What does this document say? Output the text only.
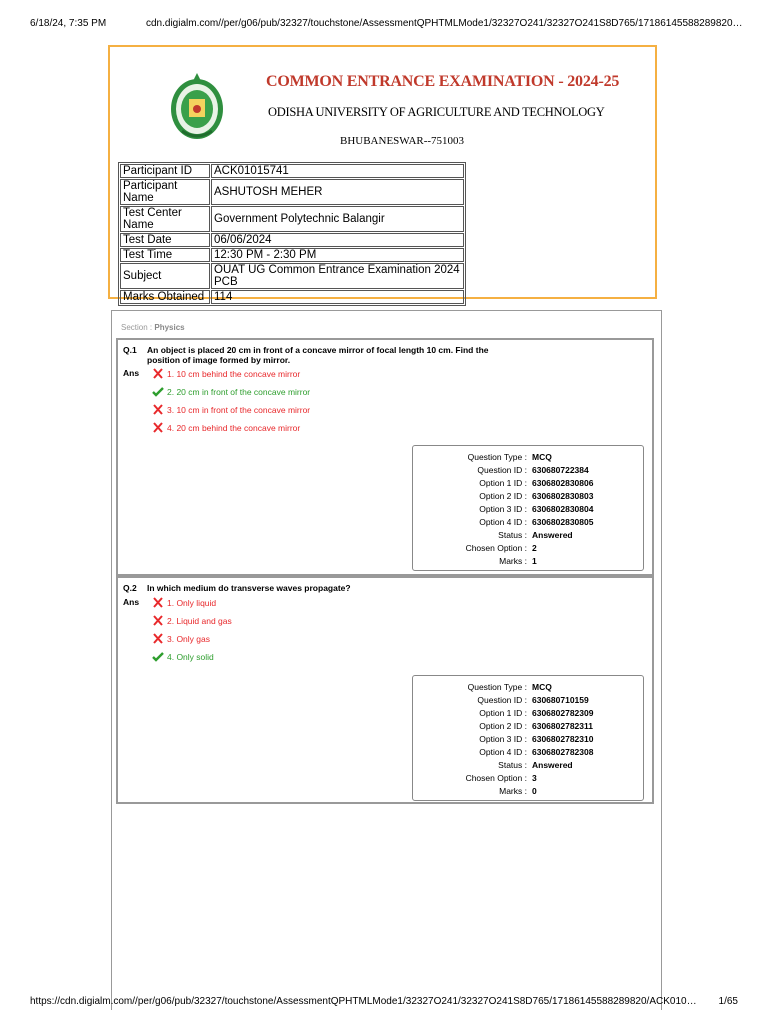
6/18/24, 7:35 PM	cdn.digialm.com//per/g06/pub/32327/touchstone/AssessmentQPHTMLMode1/32327O241/32327O241S8D765/17186145588289820…
COMMON ENTRANCE EXAMINATION - 2024-25
ODISHA UNIVERSITY OF AGRICULTURE AND TECHNOLOGY
BHUBANESWAR--751003
Participant ID	ACK01015741
Participant Name	ASHUTOSH MEHER
Test Center Name	Government Polytechnic Balangir
Test Date	06/06/2024
Test Time	12:30 PM - 2:30 PM
Subject	OUAT UG Common Entrance Examination 2024 PCB
Marks Obtained	114
Section : Physics
Q.1 An object is placed 20 cm in front of a concave mirror of focal length 10 cm. Find the position of image formed by mirror.
Ans	1. 10 cm behind the concave mirror
2. 20 cm in front of the concave mirror
3. 10 cm in front of the concave mirror
4. 20 cm behind the concave mirror
Question Type : MCQ
Question ID : 630680722384
Option 1 ID : 6306802830806
Option 2 ID : 6306802830803
Option 3 ID : 6306802830804
Option 4 ID : 6306802830805
Status : Answered
Chosen Option : 2
Marks : 1
Q.2 In which medium do transverse waves propagate?
Ans	1. Only liquid
2. Liquid and gas
3. Only gas
4. Only solid
Question Type : MCQ
Question ID : 630680710159
Option 1 ID : 6306802782309
Option 2 ID : 6306802782311
Option 3 ID : 6306802782310
Option 4 ID : 6306802782308
Status : Answered
Chosen Option : 3
Marks : 0
https://cdn.digialm.com//per/g06/pub/32327/touchstone/AssessmentQPHTMLMode1/32327O241/32327O241S8D765/17186145588289820/ACK010… 1/65
